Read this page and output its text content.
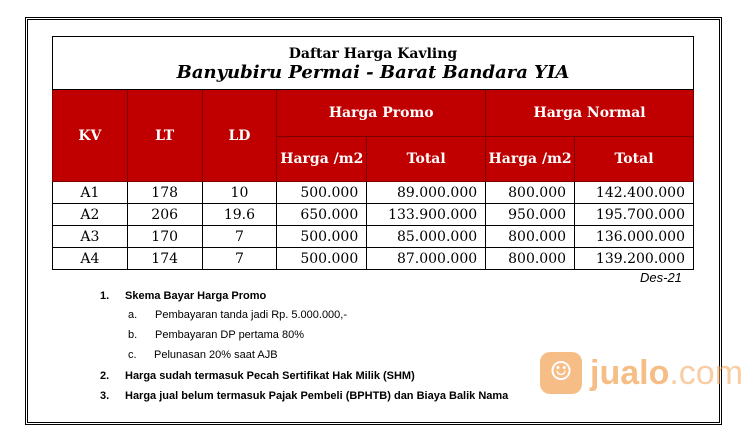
Daftar Harga Kavling
Banyubiru Permai - Barat Bandara YIA						

KV	LT	LD	Harga Promo		Harga Normal	
			Harga /m2	Total	Harga /m2	Total
A1	178	10	500.000	89.000.000	800.000	142.400.000
A2	206	19.6	650.000	133.900.000	950.000	195.700.000
A3	170	7	500.000	85.000.000	800.000	136.000.000
A4	174	7	500.000	87.000.000	800.000	139.200.000
Des-21
1. Skema Bayar Harga Promo
a. Pembayaran tanda jadi Rp. 5.000.000,-
b. Pembayaran DP pertama 80%
c. Pelunasan 20% saat AJB
2. Harga sudah termasuk Pecah Sertifikat Hak Milik (SHM)
3. Harga jual belum termasuk Pajak Pembeli (BPHTB) dan Biaya Balik Nama
☺ jualo.com
